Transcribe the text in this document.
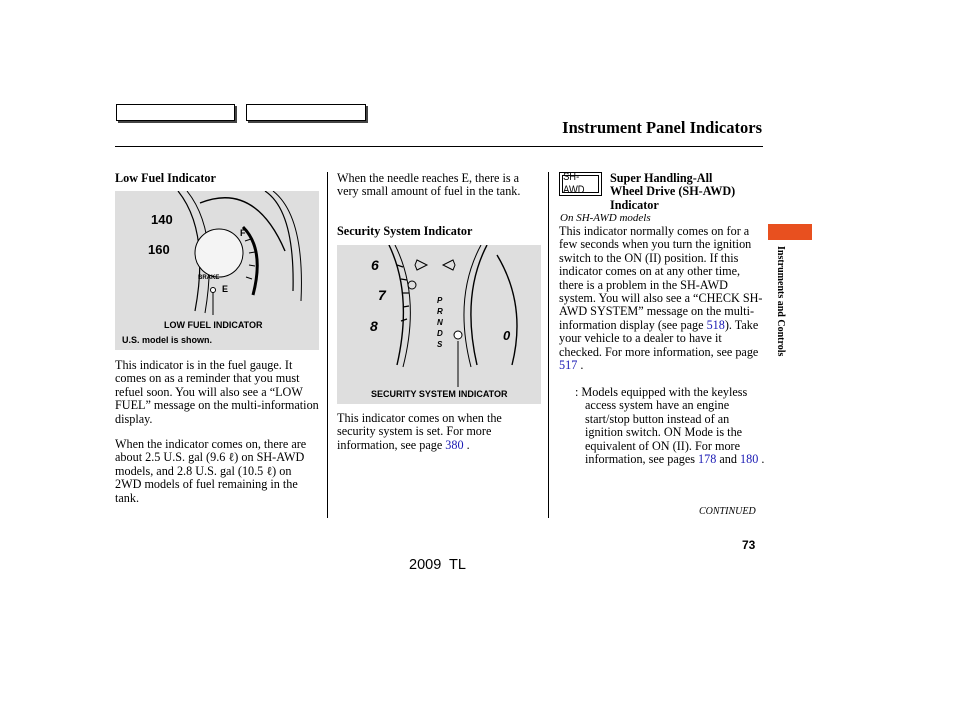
Instrument Panel Indicators
Low Fuel Indicator
140
160
F
E
BRAKE
LOW FUEL INDICATOR
U.S. model is shown.
This indicator is in the fuel gauge. It comes on as a reminder that you must refuel soon. You will also see a “LOW FUEL” message on the multi-information display.
When the indicator comes on, there are about 2.5 U.S. gal (9.6 ℓ) on SH-AWD models, and 2.8 U.S. gal (10.5 ℓ) on 2WD models of fuel remaining in the tank.
When the needle reaches E, there is a very small amount of fuel in the tank.
Security System Indicator
6
7
8
0
P
R
N
D
S
SECURITY SYSTEM INDICATOR
This indicator comes on when the security system is set. For more information, see page 380 .
SH-AWD
Super Handling-All
Wheel Drive (SH-AWD)
Indicator
On SH-AWD models
This indicator normally comes on for a few seconds when you turn the ignition switch to the ON (II) position. If this indicator comes on at any other time, there is a problem in the SH-AWD system. You will also see a “CHECK SH-AWD SYSTEM” message on the multi-information display (see page 518). Take your vehicle to a dealer to have it checked. For more information, see page 517 .
: Models equipped with the keyless access system have an engine start/stop button instead of an ignition switch. ON Mode is the equivalent of ON (II). For more information, see pages 178 and 180 .
CONTINUED
Instruments and Controls
73
2009  TL
